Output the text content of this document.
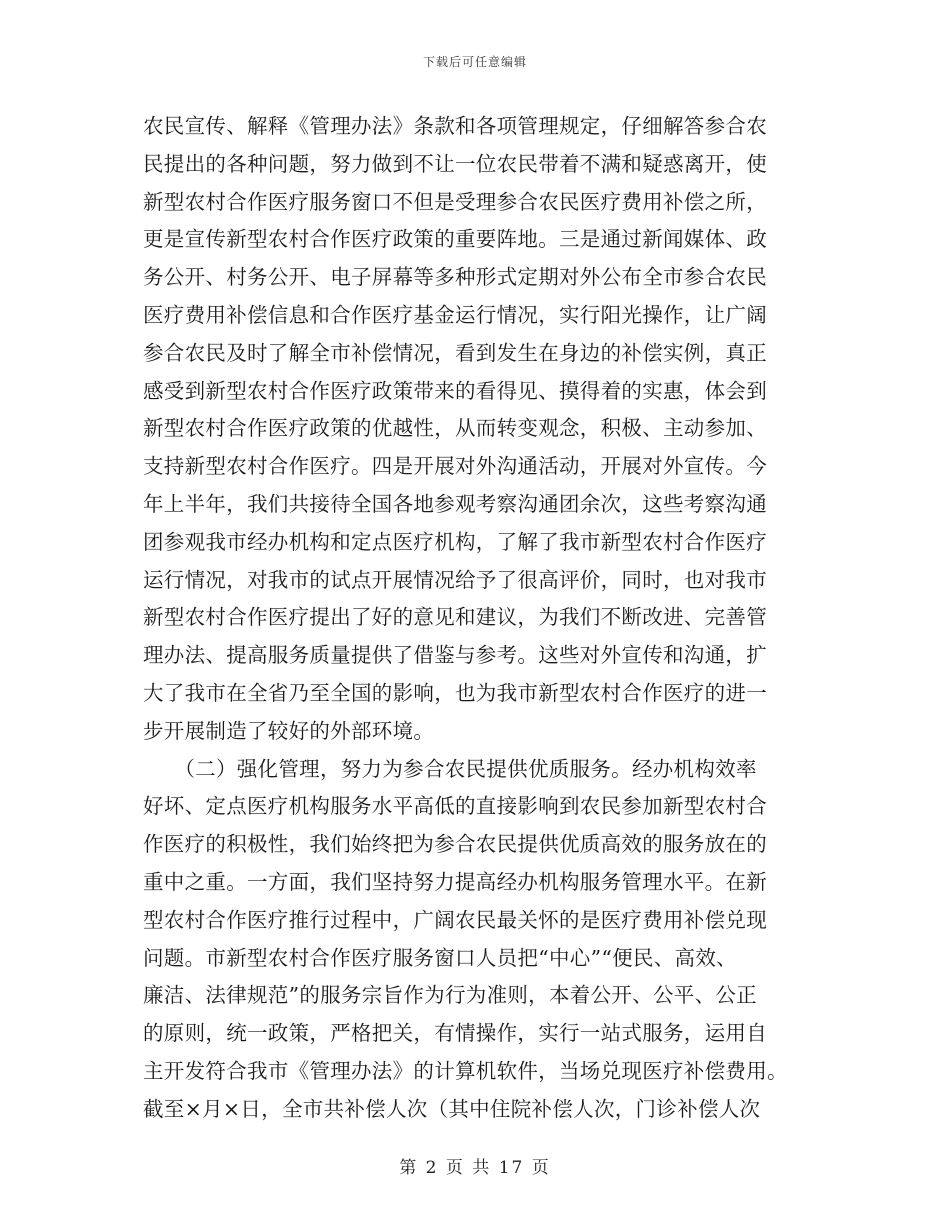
下载后可任意编辑
农民宣传、解释《管理办法》条款和各项管理规定，仔细解答参合农
民提出的各种问题，努力做到不让一位农民带着不满和疑惑离开，使
新型农村合作医疗服务窗口不但是受理参合农民医疗费用补偿之所，
更是宣传新型农村合作医疗政策的重要阵地。三是通过新闻媒体、政
务公开、村务公开、电子屏幕等多种形式定期对外公布全市参合农民
医疗费用补偿信息和合作医疗基金运行情况，实行阳光操作，让广阔
参合农民及时了解全市补偿情况，看到发生在身边的补偿实例，真正
感受到新型农村合作医疗政策带来的看得见、摸得着的实惠，体会到
新型农村合作医疗政策的优越性，从而转变观念，积极、主动参加、
支持新型农村合作医疗。四是开展对外沟通活动，开展对外宣传。今
年上半年，我们共接待全国各地参观考察沟通团余次，这些考察沟通
团参观我市经办机构和定点医疗机构，了解了我市新型农村合作医疗
运行情况，对我市的试点开展情况给予了很高评价，同时，也对我市
新型农村合作医疗提出了好的意见和建议，为我们不断改进、完善管
理办法、提高服务质量提供了借鉴与参考。这些对外宣传和沟通，扩
大了我市在全省乃至全国的影响，也为我市新型农村合作医疗的进一
步开展制造了较好的外部环境。
　　（二）强化管理，努力为参合农民提供优质服务。经办机构效率
好坏、定点医疗机构服务水平高低的直接影响到农民参加新型农村合
作医疗的积极性，我们始终把为参合农民提供优质高效的服务放在的
重中之重。一方面，我们坚持努力提高经办机构服务管理水平。在新
型农村合作医疗推行过程中，广阔农民最关怀的是医疗费用补偿兑现
问题。市新型农村合作医疗服务窗口人员把“中心”“便民、高效、
廉洁、法律规范”的服务宗旨作为行为准则，本着公开、公平、公正
的原则，统一政策，严格把关，有情操作，实行一站式服务，运用自
主开发符合我市《管理办法》的计算机软件，当场兑现医疗补偿费用。
截至×月×日，全市共补偿人次（其中住院补偿人次，门诊补偿人次
第 2 页 共 17 页
